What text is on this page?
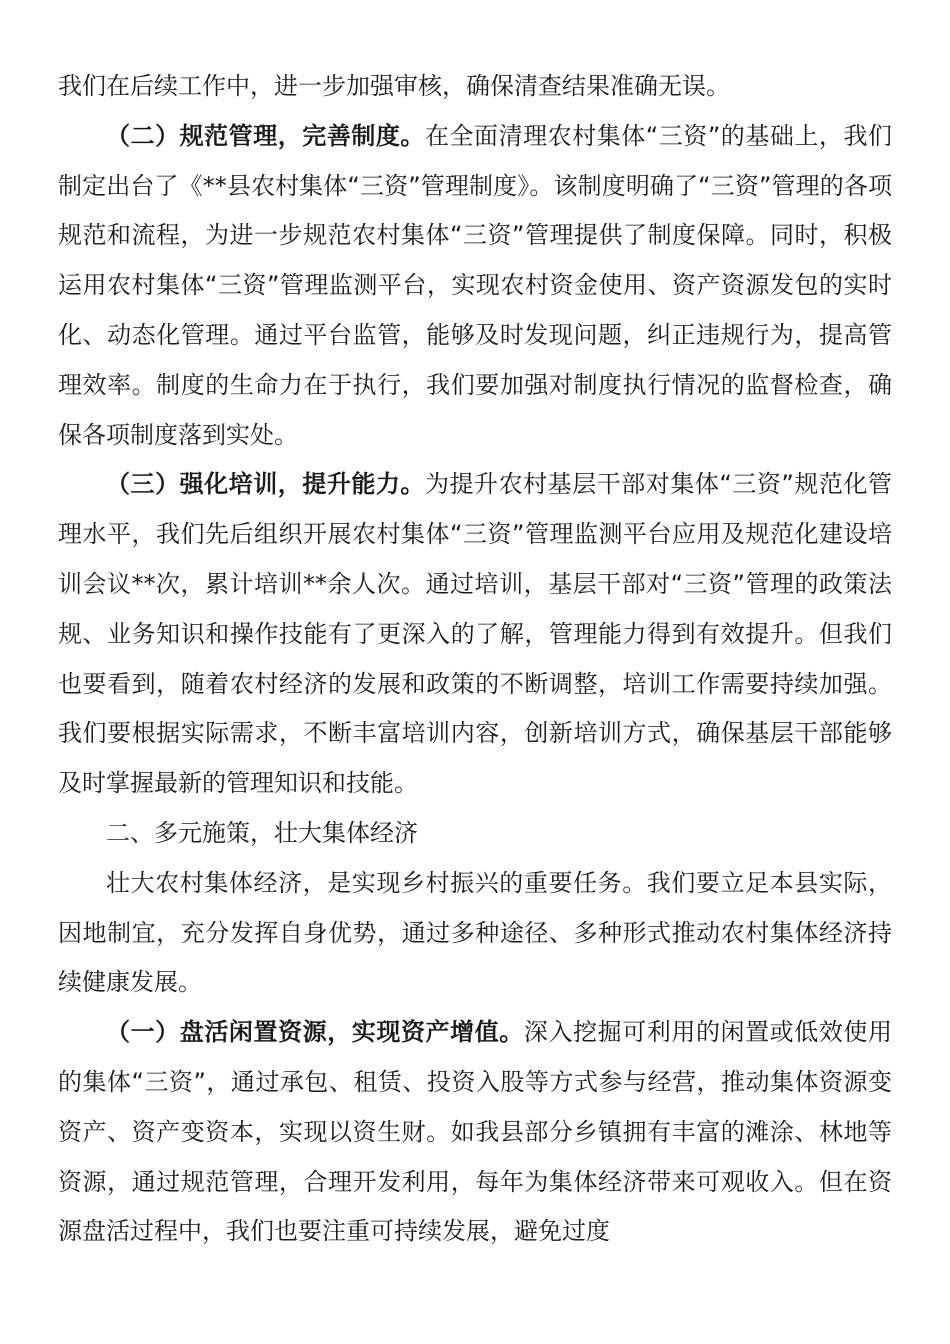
我们在后续工作中，进一步加强审核，确保清查结果准确无误。

（二）规范管理，完善制度。在全面清理农村集体“三资”的基础上，我们制定出台了《**县农村集体“三资”管理制度》。该制度明确了“三资”管理的各项规范和流程，为进一步规范农村集体“三资”管理提供了制度保障。同时，积极运用农村集体“三资”管理监测平台，实现农村资金使用、资产资源发包的实时化、动态化管理。通过平台监管，能够及时发现问题，纠正违规行为，提高管理效率。制度的生命力在于执行，我们要加强对制度执行情况的监督检查，确保各项制度落到实处。

（三）强化培训，提升能力。为提升农村基层干部对集体“三资”规范化管理水平，我们先后组织开展农村集体“三资”管理监测平台应用及规范化建设培训会议**次，累计培训**余人次。通过培训，基层干部对“三资”管理的政策法规、业务知识和操作技能有了更深入的了解，管理能力得到有效提升。但我们也要看到，随着农村经济的发展和政策的不断调整，培训工作需要持续加强。我们要根据实际需求，不断丰富培训内容，创新培训方式，确保基层干部能够及时掌握最新的管理知识和技能。

二、多元施策，壮大集体经济

壮大农村集体经济，是实现乡村振兴的重要任务。我们要立足本县实际，因地制宜，充分发挥自身优势，通过多种途径、多种形式推动农村集体经济持续健康发展。

（一）盘活闲置资源，实现资产增值。深入挖掘可利用的闲置或低效使用的集体“三资”，通过承包、租赁、投资入股等方式参与经营，推动集体资源变资产、资产变资本，实现以资生财。如我县部分乡镇拥有丰富的滩涂、林地等资源，通过规范管理，合理开发利用，每年为集体经济带来可观收入。但在资源盘活过程中，我们也要注重可持续发展，避免过度
